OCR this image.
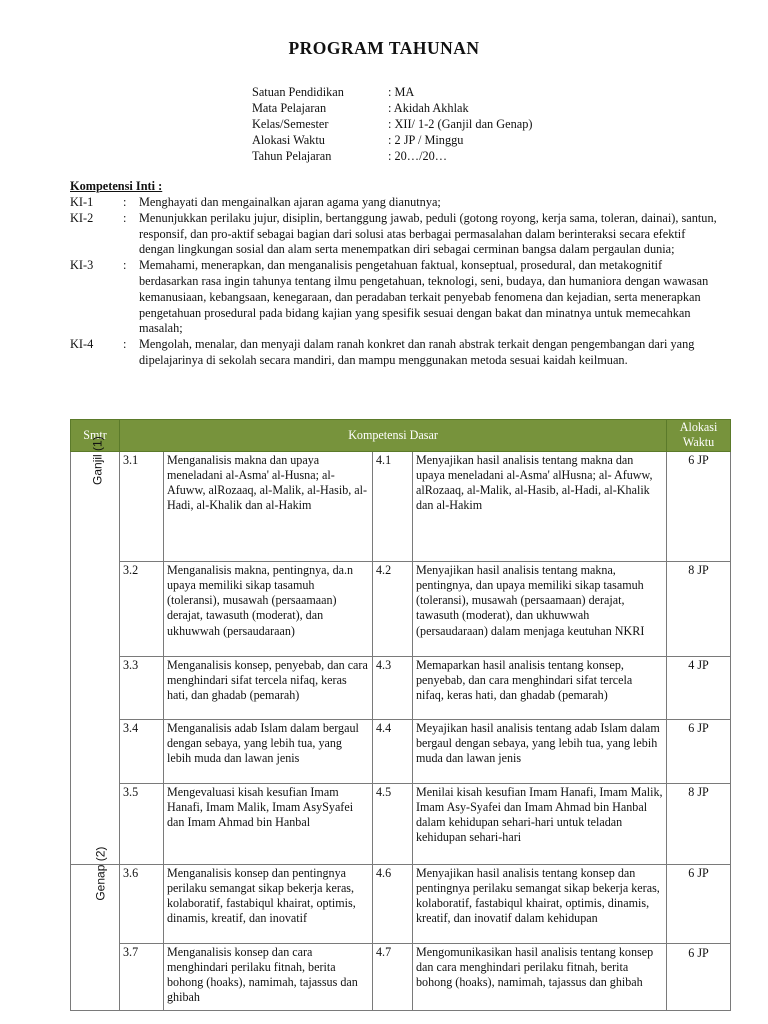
PROGRAM TAHUNAN
Satuan Pendidikan	: MA
Mata Pelajaran	: Akidah Akhlak
Kelas/Semester	: XII/ 1-2 (Ganjil dan Genap)
Alokasi Waktu	: 2 JP / Minggu
Tahun Pelajaran	: 20…/20…
Kompetensi Inti :
KI-1	:	Menghayati dan mengainalkan ajaran agama yang dianutnya;
KI-2	:	Menunjukkan perilaku jujur, disiplin, bertanggung jawab, peduli (gotong royong, kerja sama, toleran, dainai), santun, responsif, dan pro-aktif sebagai bagian dari solusi atas berbagai permasalahan dalam berinteraksi secara efektif dengan lingkungan sosial dan alam serta menempatkan diri sebagai cerminan bangsa dalam pergaulan dunia;
KI-3	:	Memahami, menerapkan, dan menganalisis pengetahuan faktual, konseptual, prosedural, dan metakognitif berdasarkan rasa ingin tahunya tentang ilmu pengetahuan, teknologi, seni, budaya, dan humaniora dengan wawasan kemanusiaan, kebangsaan, kenegaraan, dan peradaban terkait penyebab fenomena dan kejadian, serta menerapkan pengetahuan prosedural pada bidang kajian yang spesifik sesuai dengan bakat dan minatnya untuk memecahkan masalah;
KI-4	:	Mengolah, menalar, dan menyaji dalam ranah konkret dan ranah abstrak terkait dengan pengembangan dari yang dipelajarinya di sekolah secara mandiri, dan mampu menggunakan metoda sesuai kaidah keilmuan.
Smtr	Kompetensi Dasar				Alokasi Waktu
Ganjil (1)	3.1	Menganalisis makna dan upaya meneladani al-Asma' al-Husna; al-Afuww, alRozaaq, al-Malik, al-Hasib, al-Hadi, al-Khalik dan al-Hakim	4.1	Menyajikan hasil analisis tentang makna dan upaya meneladani al-Asma' alHusna; al- Afuww, alRozaaq, al-Malik, al-Hasib, al-Hadi, al-Khalik dan al-Hakim	6 JP
	3.2	Menganalisis makna, pentingnya, da.n upaya memiliki sikap tasamuh (toleransi), musawah (persaamaan) derajat, tawasuth (moderat), dan ukhuwwah (persaudaraan)	4.2	Menyajikan hasil analisis tentang makna, pentingnya, dan upaya memiliki sikap tasamuh (toleransi), musawah (persaamaan) derajat, tawasuth (moderat), dan ukhuwwah (persaudaraan) dalam menjaga keutuhan NKRI	8 JP
	3.3	Menganalisis konsep, penyebab, dan cara menghindari sifat tercela nifaq, keras hati, dan ghadab (pemarah)	4.3	Memaparkan hasil analisis tentang konsep, penyebab, dan cara menghindari sifat tercela nifaq, keras hati, dan ghadab (pemarah)	4 JP
	3.4	Menganalisis adab Islam dalam bergaul dengan sebaya, yang lebih tua, yang lebih muda dan lawan jenis	4.4	Meyajikan hasil analisis tentang adab Islam dalam bergaul dengan sebaya, yang lebih tua, yang lebih muda dan lawan jenis	6 JP
	3.5	Mengevaluasi kisah kesufian Imam Hanafi, Imam Malik, Imam AsySyafei dan Imam Ahmad bin Hanbal	4.5	Menilai kisah kesufian Imam Hanafi, Imam Malik, Imam Asy-Syafei dan Imam Ahmad bin Hanbal dalam kehidupan sehari-hari untuk teladan kehidupan sehari-hari	8 JP
Genap (2)	3.6	Menganalisis konsep dan pentingnya perilaku semangat sikap bekerja keras, kolaboratif, fastabiqul khairat, optimis, dinamis, kreatif, dan inovatif	4.6	Menyajikan hasil analisis tentang konsep dan pentingnya perilaku semangat sikap bekerja keras, kolaboratif, fastabiqul khairat, optimis, dinamis, kreatif, dan inovatif dalam kehidupan	6 JP
	3.7	Menganalisis konsep dan cara menghindari perilaku fitnah, berita bohong (hoaks), namimah, tajassus dan ghibah	4.7	Mengomunikasikan hasil analisis tentang konsep dan cara menghindari perilaku fitnah, berita bohong (hoaks), namimah, tajassus dan ghibah	6 JP
